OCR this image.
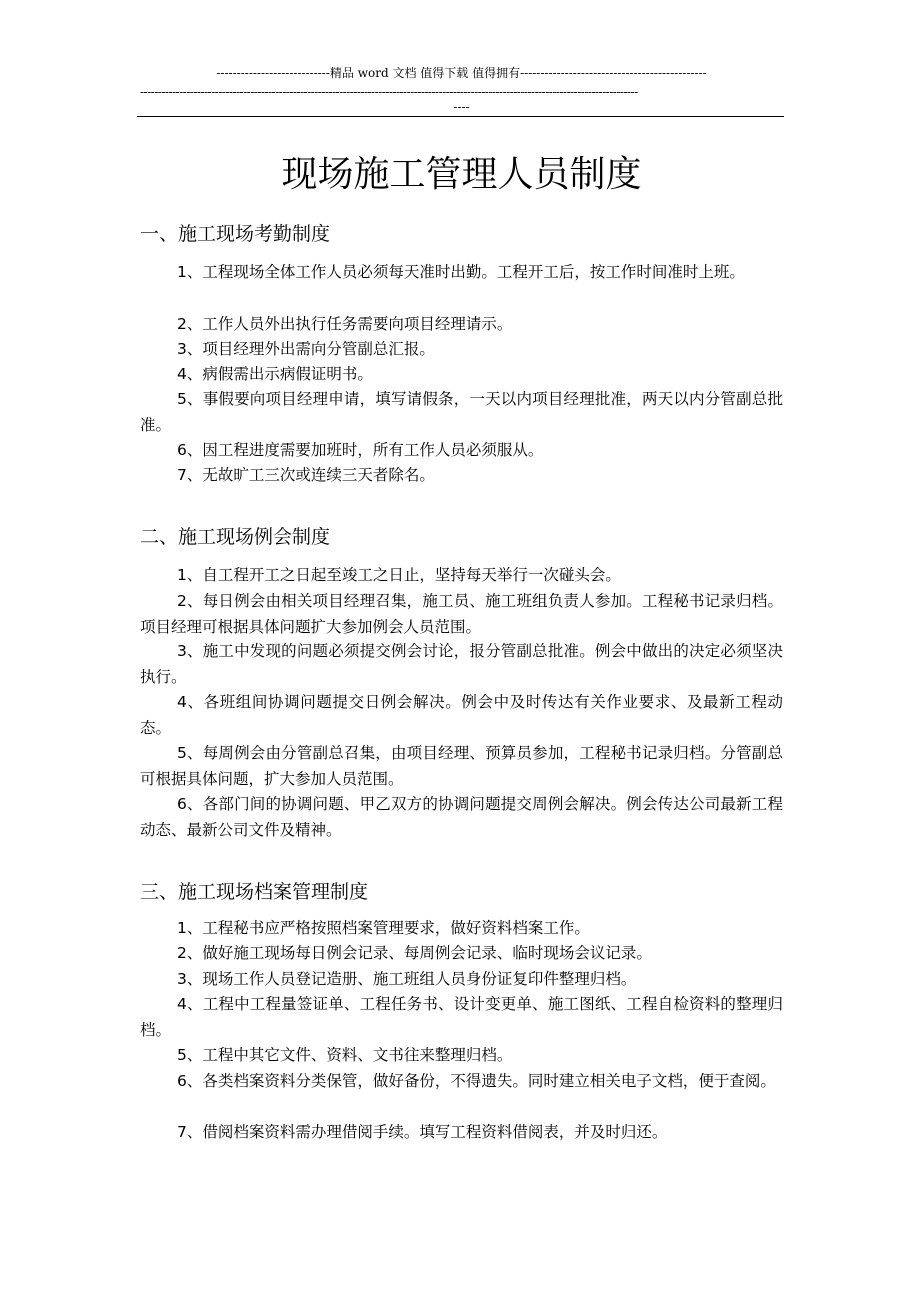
----------------------------精品 word 文档 值得下载 值得拥有----------------------------------------------
--------------------------------------------------------------------------------------------------------------------------------------------
----
现场施工管理人员制度
一、施工现场考勤制度

1、工程现场全体工作人员必须每天准时出勤。工程开工后，按工作时间准时上班。

2、工作人员外出执行任务需要向项目经理请示。

3、项目经理外出需向分管副总汇报。

4、病假需出示病假证明书。

5、事假要向项目经理申请，填写请假条，一天以内项目经理批准，两天以内分管副总批准。

6、因工程进度需要加班时，所有工作人员必须服从。

7、无故旷工三次或连续三天者除名。

二、施工现场例会制度

1、自工程开工之日起至竣工之日止，坚持每天举行一次碰头会。

2、每日例会由相关项目经理召集，施工员、施工班组负责人参加。工程秘书记录归档。项目经理可根据具体问题扩大参加例会人员范围。

3、施工中发现的问题必须提交例会讨论，报分管副总批准。例会中做出的决定必须坚决执行。

4、各班组间协调问题提交日例会解决。例会中及时传达有关作业要求、及最新工程动态。

5、每周例会由分管副总召集，由项目经理、预算员参加，工程秘书记录归档。分管副总可根据具体问题，扩大参加人员范围。

6、各部门间的协调问题、甲乙双方的协调问题提交周例会解决。例会传达公司最新工程动态、最新公司文件及精神。

三、施工现场档案管理制度

1、工程秘书应严格按照档案管理要求，做好资料档案工作。

2、做好施工现场每日例会记录、每周例会记录、临时现场会议记录。

3、现场工作人员登记造册、施工班组人员身份证复印件整理归档。

4、工程中工程量签证单、工程任务书、设计变更单、施工图纸、工程自检资料的整理归档。

5、工程中其它文件、资料、文书往来整理归档。

6、各类档案资料分类保管，做好备份，不得遗失。同时建立相关电子文档，便于查阅。

7、借阅档案资料需办理借阅手续。填写工程资料借阅表，并及时归还。
